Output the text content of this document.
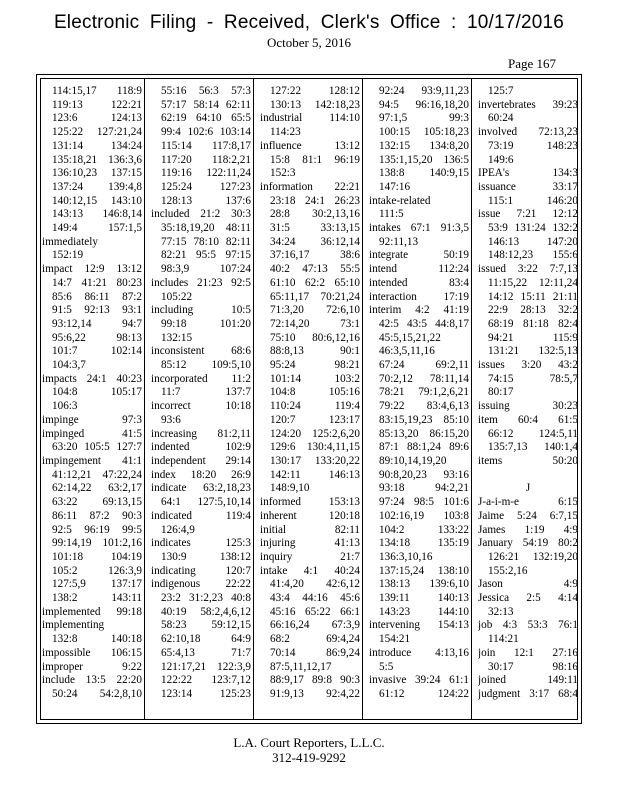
Electronic Filing - Received, Clerk's Office : 10/17/2016
October 5, 2016
Page 167
114:15,17 118:9
119:13 122:21
123:6 124:13
125:22 127:21,24
131:14 134:24
135:18,21 136:3,6
136:10,23 137:15
137:24 139:4,8
140:12,15 143:10
143:13 146:8,14
149:4 157:1,5
immediately
152:19
impact 12:9 13:12
14:7 41:21 80:23
85:6 86:11 87:2
91:5 92:13 93:1
93:12,14 94:7
95:6,22 98:13
101:7 102:14
104:3,7
impacts 24:1 40:23
104:8 105:17
106:3
impinge 97:3
impinged 41:5
63:20 105:5 127:7
impingement 41:1
41:12,21 47:22,24
62:14,22 63:2,17
63:22 69:13,15
86:11 87:2 90:3
92:5 96:19 99:5
99:14,19 101:2,16
101:18 104:19
105:2 126:3,9
127:5,9 137:17
138:2 143:11
implemented 99:18
implementing
132:8 140:18
impossible 106:15
improper 9:22
include 13:5 22:20
50:24 54:2,8,10
55:16 56:3 57:3
57:17 58:14 62:11
62:19 64:10 65:5
99:4 102:6 103:14
115:14 117:8,17
117:20 118:2,21
119:16 122:11,24
125:24 127:23
128:13 137:6
included 21:2 30:3
35:18,19,20 48:11
77:15 78:10 82:11
82:21 95:5 97:15
98:3,9 107:24
includes 21:23 92:5
105:22
including 10:5
99:18 101:20
132:15
inconsistent 68:6
85:12 109:5,10
incorporated 11:2
11:7 137:7
incorrect 10:18
93:6
increasing 81:2,11
indented 102:9
independent 29:14
index 18:20 26:9
indicate 63:2,18,23
64:1 127:5,10,14
indicated 119:4
126:4,9
indicates 125:3
130:9 138:12
indicating 120:7
indigenous 22:22
23:2 31:2,23 40:8
40:19 58:2,4,6,12
58:23 59:12,15
62:10,18 64:9
65:4,13 71:7
121:17,21 122:3,9
122:22 123:7,12
123:14 125:23
127:22 128:12
130:13 142:18,23
industrial 114:10
114:23
influence 13:12
15:8 81:1 96:19
152:3
information 22:21
23:18 24:1 26:23
28:8 30:2,13,16
31:5 33:13,15
34:24 36:12,14
37:16,17 38:6
40:2 47:13 55:5
61:10 62:2 65:10
65:11,17 70:21,24
71:3,20 72:6,10
72:14,20 73:1
75:10 80:6,12,16
88:8,13 90:1
95:24 98:21
101:14 103:2
104:8 105:16
110:24 119:4
120:7 123:17
124:20 125:2,6,20
129:6 130:4,11,15
130:17 133:20,22
142:11 146:13
148:9,10
informed 153:13
inherent 120:18
initial 82:11
injuring 41:13
inquiry 21:7
intake 4:1 40:24
41:4,20 42:6,12
43:4 44:16 45:6
45:16 65:22 66:1
66:16,24 67:3,9
68:2 69:4,24
70:14 86:9,24
87:5,11,12,17
88:9,17 89:8 90:3
91:9,13 92:4,22
92:24 93:9,11,23
94:5 96:16,18,20
97:1,5 99:3
100:15 105:18,23
132:15 134:8,20
135:1,15,20 136:5
138:8 140:9,15
147:16
intake-related
111:5
intakes 67:1 91:3,5
92:11,13
integrate 50:19
intend 112:24
intended 83:4
interaction 17:19
interim 4:2 41:19
42:5 43:5 44:8,17
45:5,15,21,22
46:3,5,11,16
67:24 69:2,11
70:2,12 78:11,14
78:21 79:1,2,6,21
79:22 83:4,6,13
83:15,19,23 85:10
85:13,20 86:15,20
87:1 88:1,24 89:6
89:10,14,19,20
90:8,20,23 93:16
93:18 94:2,21
97:24 98:5 101:6
102:16,19 103:8
104:2 133:22
134:18 135:19
136:3,10,16
137:15,24 138:10
138:13 139:6,10
139:11 140:13
143:23 144:10
intervening 154:13
154:21
introduce 4:13,16
5:5
invasive 39:24 61:1
61:12 124:22
125:7
invertebrates 39:23
60:24
involved 72:13,23
73:19 148:23
149:6
IPEA's 134:3
issuance 33:17
115:1 146:20
issue 7:21 12:12
53:9 131:24 132:2
146:13 147:20
148:12,23 155:6
issued 3:22 7:7,13
11:15,22 12:11,24
14:12 15:11 21:11
22:9 28:13 32:2
68:19 81:18 82:4
94:21 115:9
131:21 132:5,13
issues 3:20 43:2
74:15 78:5,7
80:17
issuing 30:23
item 60:4 61:5
66:12 124:5,11
135:7,13 140:1,4
items 50:20

J
J-a-i-m-e 6:15
Jaime 5:24 6:7,15
James 1:19 4:9
January 54:19 80:2
126:21 132:19,20
155:2,16
Jason 4:9
Jessica 2:5 4:14
32:13
job 4:3 53:3 76:1
114:21
join 12:1 27:16
30:17 98:16
joined 149:11
judgment 3:17 68:4
L.A. Court Reporters, L.L.C.
312-419-9292
